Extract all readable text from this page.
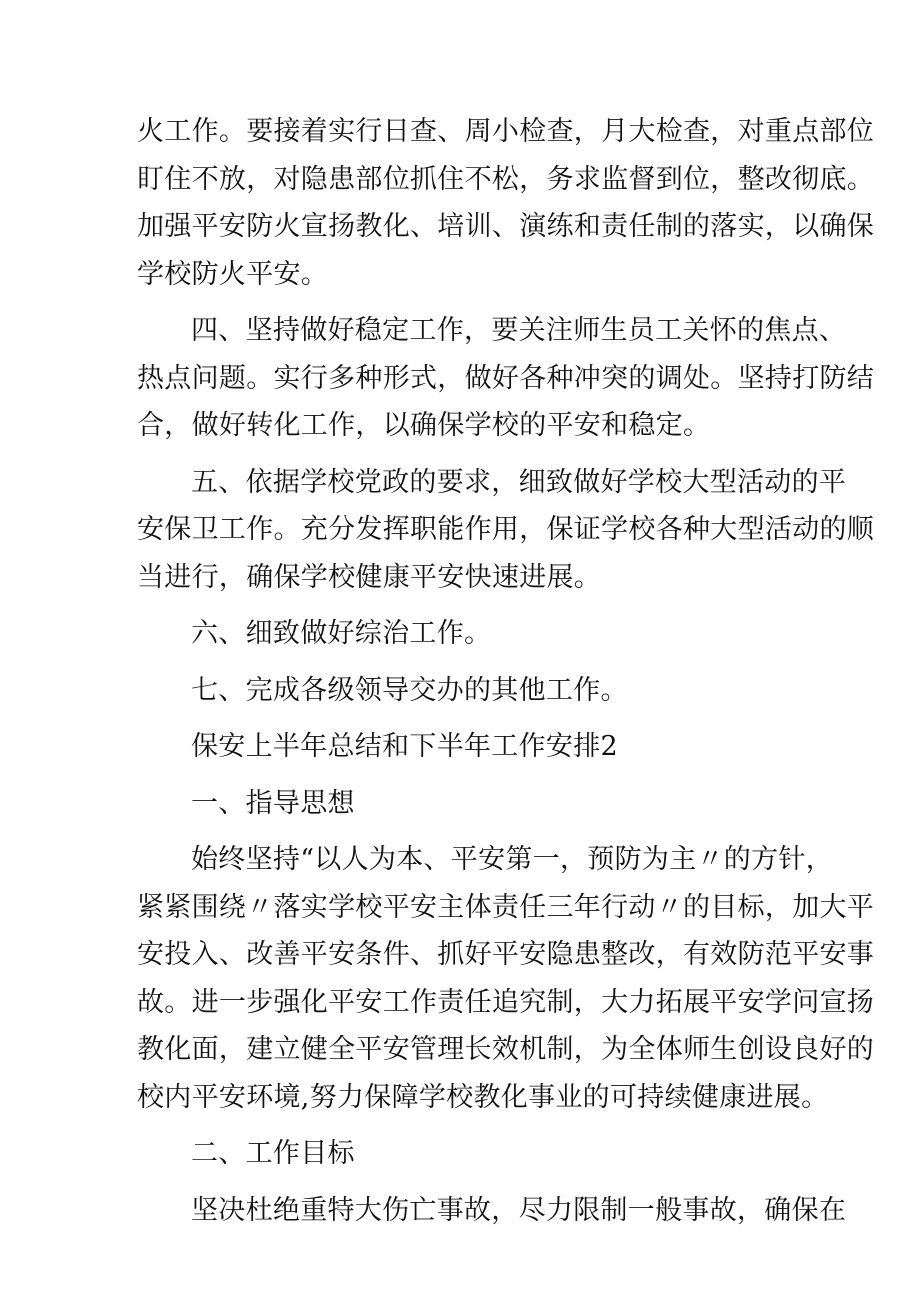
火工作。要接着实行日查、周小检查，月大检查，对重点部位
盯住不放，对隐患部位抓住不松，务求监督到位，整改彻底。
加强平安防火宣扬教化、培训、演练和责任制的落实，以确保
学校防火平安。
四、坚持做好稳定工作，要关注师生员工关怀的焦点、
热点问题。实行多种形式，做好各种冲突的调处。坚持打防结
合，做好转化工作，以确保学校的平安和稳定。
五、依据学校党政的要求，细致做好学校大型活动的平
安保卫工作。充分发挥职能作用，保证学校各种大型活动的顺
当进行，确保学校健康平安快速进展。
六、细致做好综治工作。
七、完成各级领导交办的其他工作。
保安上半年总结和下半年工作安排2
一、指导思想
始终坚持“以人为本、平安第一，预防为主〃的方针，
紧紧围绕〃落实学校平安主体责任三年行动〃的目标，加大平
安投入、改善平安条件、抓好平安隐患整改，有效防范平安事
故。进一步强化平安工作责任追究制，大力拓展平安学问宣扬
教化面，建立健全平安管理长效机制，为全体师生创设良好的
校内平安环境,努力保障学校教化事业的可持续健康进展。
二、工作目标
坚决杜绝重特大伤亡事故，尽力限制一般事故，确保在
